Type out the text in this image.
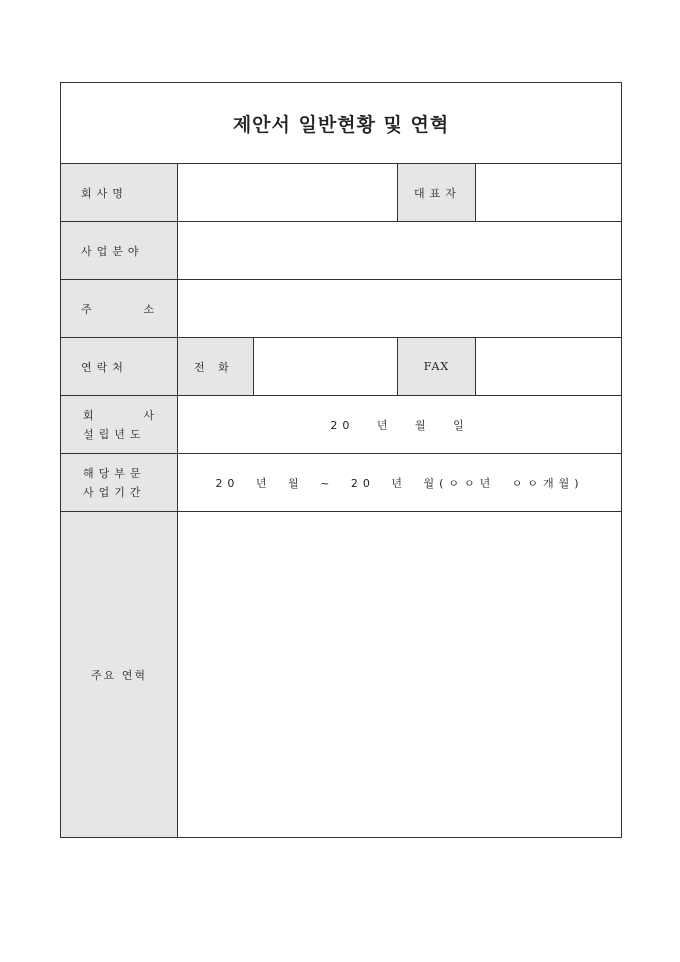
제안서 일반현황 및 연혁				
회사명			대표자	
사업분야				
주 소				
연락처	전 화		FAX	

회 사
설립년도	20 년 월 일			

해당부문
사업기간	20 년 월 ~ 20 년 월(ㅇㅇ년 ㅇㅇ개월)			
주요 연혁				
